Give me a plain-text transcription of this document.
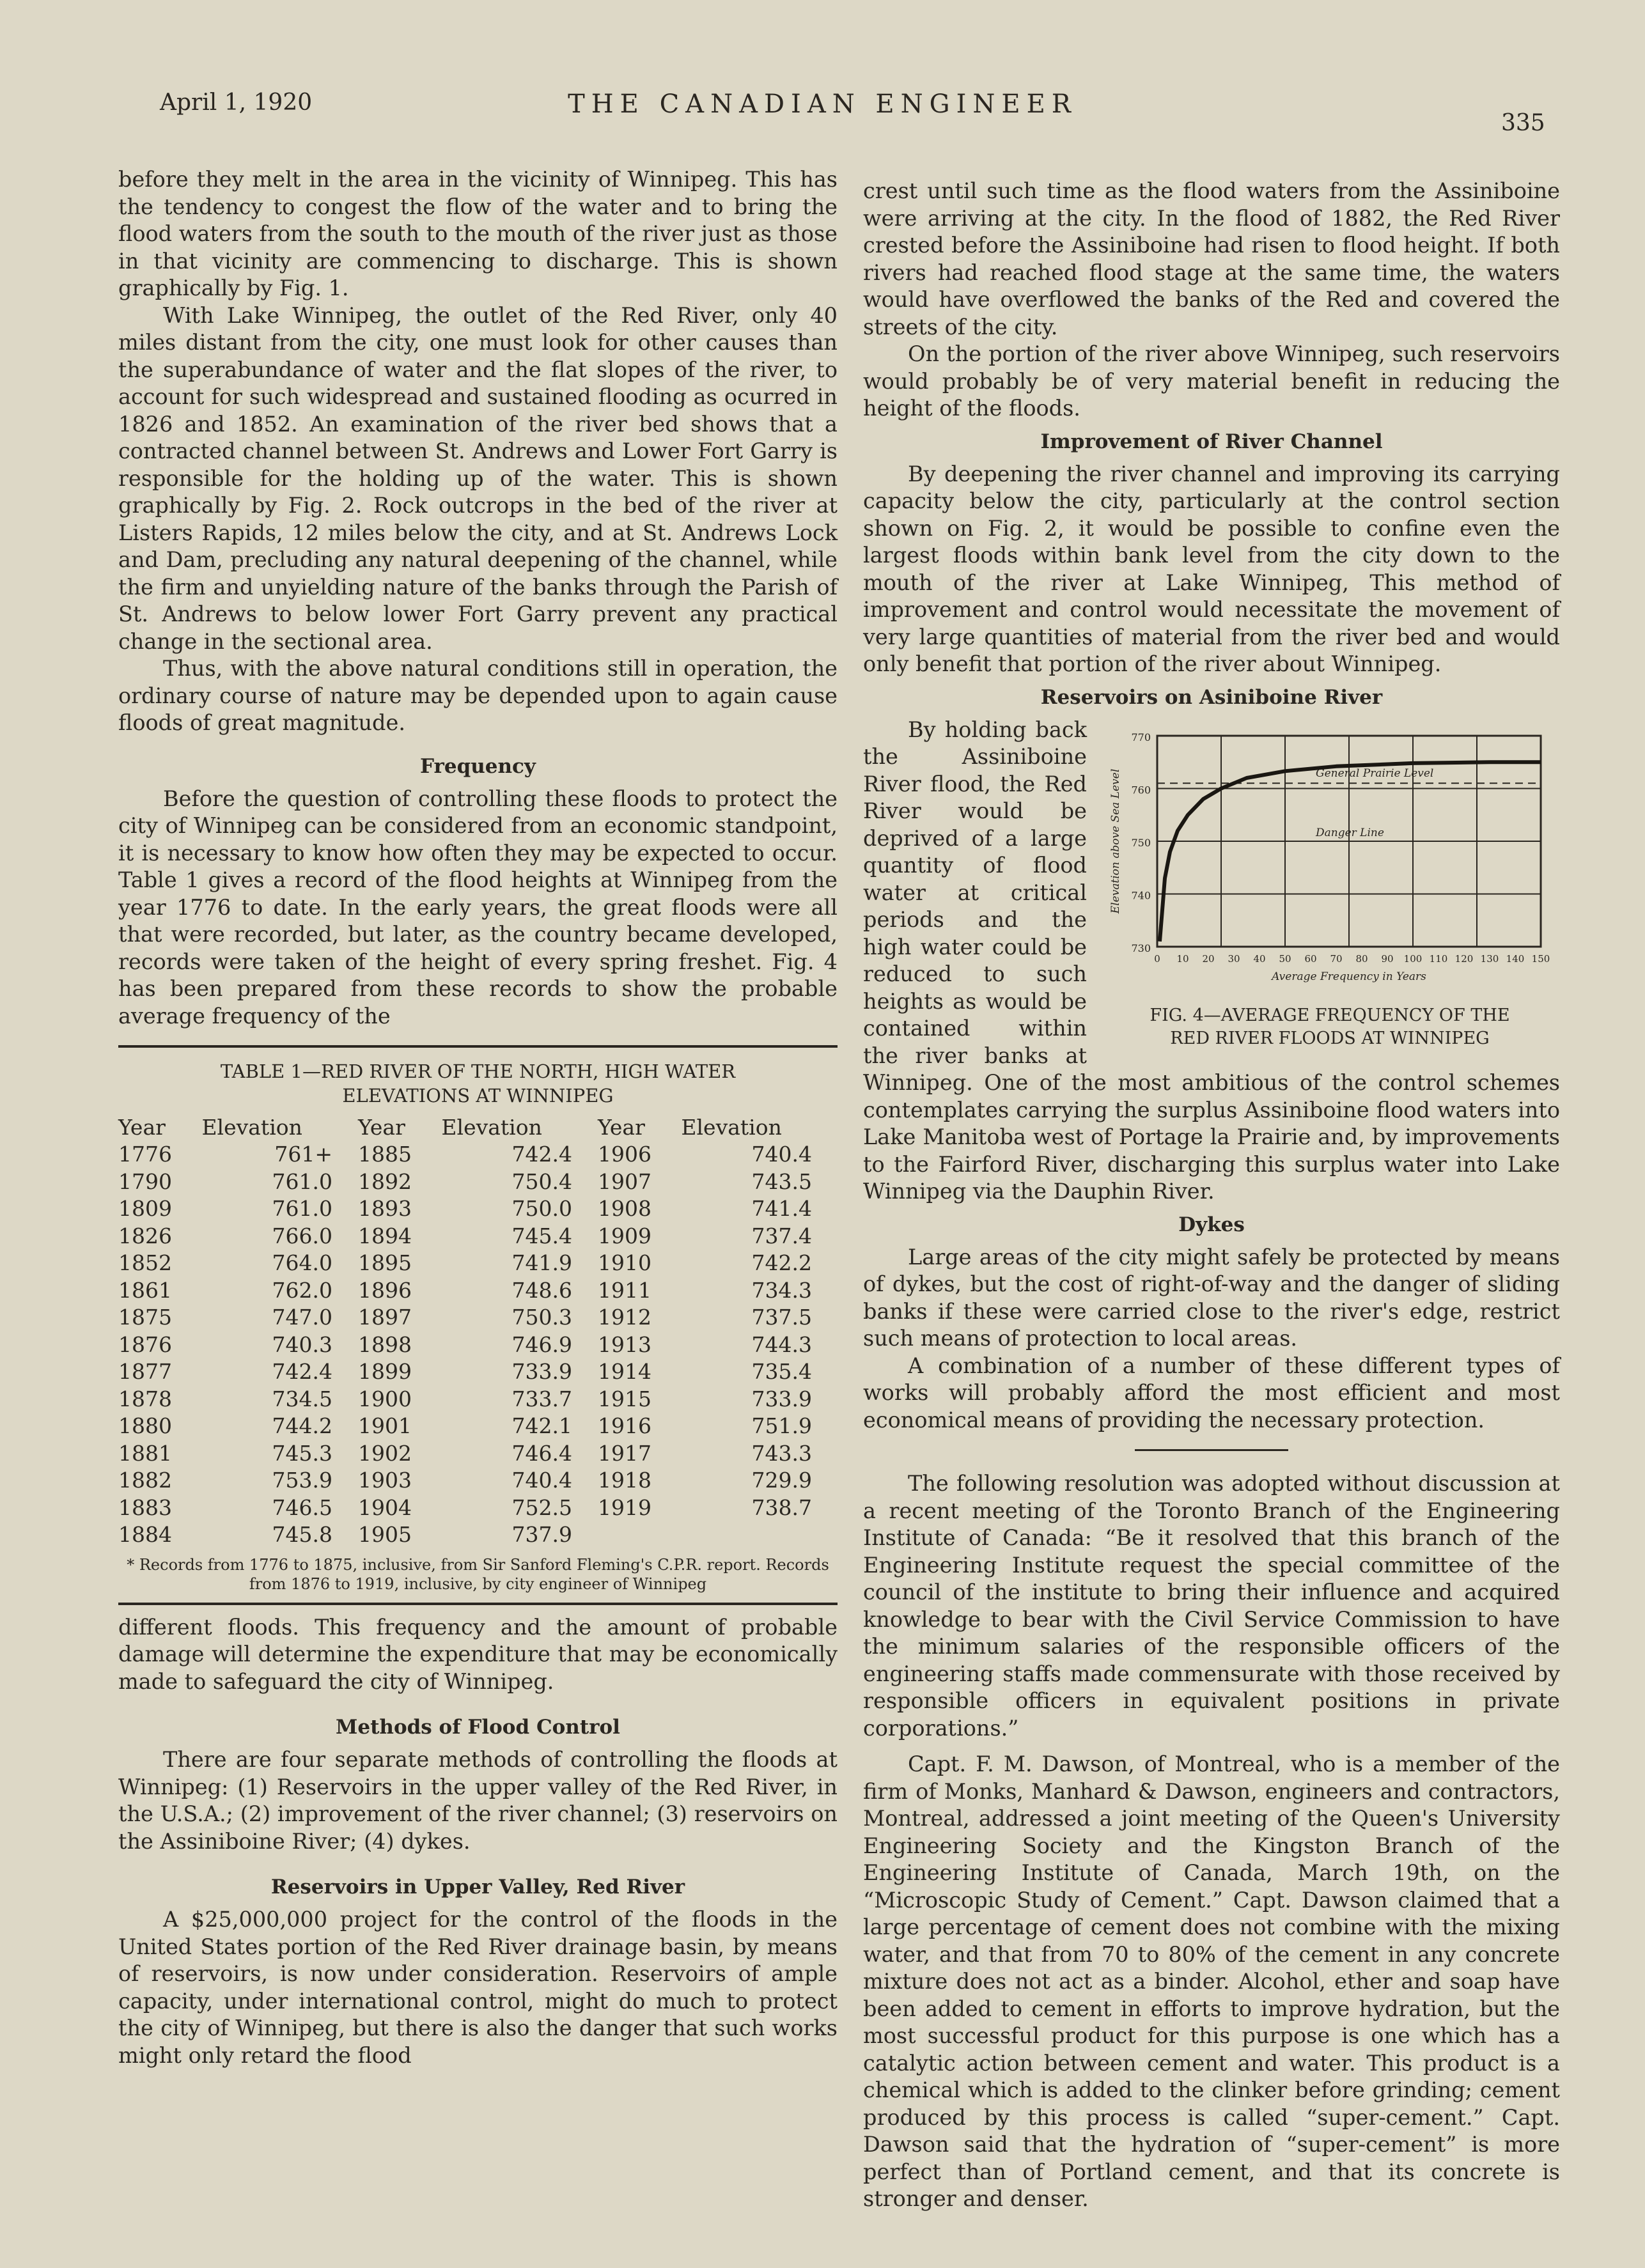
April 1, 1920	THE CANADIAN ENGINEER
335

before they melt in the area in the vicinity of Winnipeg. This has the tendency to congest the flow of the water and to bring the flood waters from the south to the mouth of the river just as those in that vicinity are commencing to discharge. This is shown graphically by Fig. 1.

With Lake Winnipeg, the outlet of the Red River, only 40 miles distant from the city, one must look for other causes than the superabundance of water and the flat slopes of the river, to account for such widespread and sustained flooding as ocurred in 1826 and 1852. An examination of the river bed shows that a contracted channel between St. Andrews and Lower Fort Garry is responsible for the holding up of the water. This is shown graphically by Fig. 2. Rock outcrops in the bed of the river at Listers Rapids, 12 miles below the city, and at St. Andrews Lock and Dam, precluding any natural deepening of the channel, while the firm and unyielding nature of the banks through the Parish of St. Andrews to below lower Fort Garry prevent any practical change in the sectional area.

Thus, with the above natural conditions still in operation, the ordinary course of nature may be depended upon to again cause floods of great magnitude.

Frequency

Before the question of controlling these floods to protect the city of Winnipeg can be considered from an economic standpoint, it is necessary to know how often they may be expected to occur. Table 1 gives a record of the flood heights at Winnipeg from the year 1776 to date. In the early years, the great floods were all that were recorded, but later, as the country became developed, records were taken of the height of every spring freshet. Fig. 4 has been prepared from these records to show the probable average frequency of the

TABLE 1—RED RIVER OF THE NORTH, HIGH WATER
ELEVATIONS AT WINNIPEG
Year	Elevation	Year	Elevation	Year	Elevation
1776	761+	1885	742.4	1906	740.4
1790	761.0	1892	750.4	1907	743.5
1809	761.0	1893	750.0	1908	741.4
1826	766.0	1894	745.4	1909	737.4
1852	764.0	1895	741.9	1910	742.2
1861	762.0	1896	748.6	1911	734.3
1875	747.0	1897	750.3	1912	737.5
1876	740.3	1898	746.9	1913	744.3
1877	742.4	1899	733.9	1914	735.4
1878	734.5	1900	733.7	1915	733.9
1880	744.2	1901	742.1	1916	751.9
1881	745.3	1902	746.4	1917	743.3
1882	753.9	1903	740.4	1918	729.9
1883	746.5	1904	752.5	1919	738.7
1884	745.8	1905	737.9		
* Records from 1776 to 1875, inclusive, from Sir Sanford Fleming's C.P.R. report. Records from 1876 to 1919, inclusive, by city engineer of Winnipeg

different floods. This frequency and the amount of probable damage will determine the expenditure that may be economically made to safeguard the city of Winnipeg.

Methods of Flood Control

There are four separate methods of controlling the floods at Winnipeg: (1) Reservoirs in the upper valley of the Red River, in the U.S.A.; (2) improvement of the river channel; (3) reservoirs on the Assiniboine River; (4) dykes.

Reservoirs in Upper Valley, Red River

A $25,000,000 project for the control of the floods in the United States portion of the Red River drainage basin, by means of reservoirs, is now under consideration. Reservoirs of ample capacity, under international control, might do much to protect the city of Winnipeg, but there is also the danger that such works might only retard the flood

crest until such time as the flood waters from the Assiniboine were arriving at the city. In the flood of 1882, the Red River crested before the Assiniboine had risen to flood height. If both rivers had reached flood stage at the same time, the waters would have overflowed the banks of the Red and covered the streets of the city.

On the portion of the river above Winnipeg, such reservoirs would probably be of very material benefit in reducing the height of the floods.

Improvement of River Channel

By deepening the river channel and improving its carrying capacity below the city, particularly at the control section shown on Fig. 2, it would be possible to confine even the largest floods within bank level from the city down to the mouth of the river at Lake Winnipeg, This method of improvement and control would necessitate the movement of very large quantities of material from the river bed and would only benefit that portion of the river about Winnipeg.

Reservoirs on Asiniboine River
770
760
750
740
730
0 10 20 30 40 50 60 70 80 90 100 110 120 130 140 150
General Prairie Level
Danger Line
Elevation above Sea Level
Average Frequency in Years
FIG. 4—AVERAGE FREQUENCY OF THE
RED RIVER FLOODS AT WINNIPEG

By holding back the Assiniboine River flood, the Red River would be deprived of a large quantity of flood water at critical periods and the high water could be reduced to such heights as would be contained within the river banks at Winnipeg. One of the most ambitious of the control schemes contemplates carrying the surplus Assiniboine flood waters into Lake Manitoba west of Portage la Prairie and, by improvements to the Fairford River, discharging this surplus water into Lake Winnipeg via the Dauphin River.

Dykes

Large areas of the city might safely be protected by means of dykes, but the cost of right-of-way and the danger of sliding banks if these were carried close to the river's edge, restrict such means of protection to local areas.

A combination of a number of these different types of works will probably afford the most efficient and most economical means of providing the necessary protection.

The following resolution was adopted without discussion at a recent meeting of the Toronto Branch of the Engineering Institute of Canada: “Be it resolved that this branch of the Engineering Institute request the special committee of the council of the institute to bring their influence and acquired knowledge to bear with the Civil Service Commission to have the minimum salaries of the responsible officers of the engineering staffs made commensurate with those received by responsible officers in equivalent positions in private corporations.”

Capt. F. M. Dawson, of Montreal, who is a member of the firm of Monks, Manhard & Dawson, engineers and contractors, Montreal, addressed a joint meeting of the Queen's University Engineering Society and the Kingston Branch of the Engineering Institute of Canada, March 19th, on the “Microscopic Study of Cement.” Capt. Dawson claimed that a large percentage of cement does not combine with the mixing water, and that from 70 to 80% of the cement in any concrete mixture does not act as a binder. Alcohol, ether and soap have been added to cement in efforts to improve hydration, but the most successful product for this purpose is one which has a catalytic action between cement and water. This product is a chemical which is added to the clinker before grinding; cement produced by this process is called “super-cement.” Capt. Dawson said that the hydration of “super-cement” is more perfect than of Portland cement, and that its concrete is stronger and denser.
